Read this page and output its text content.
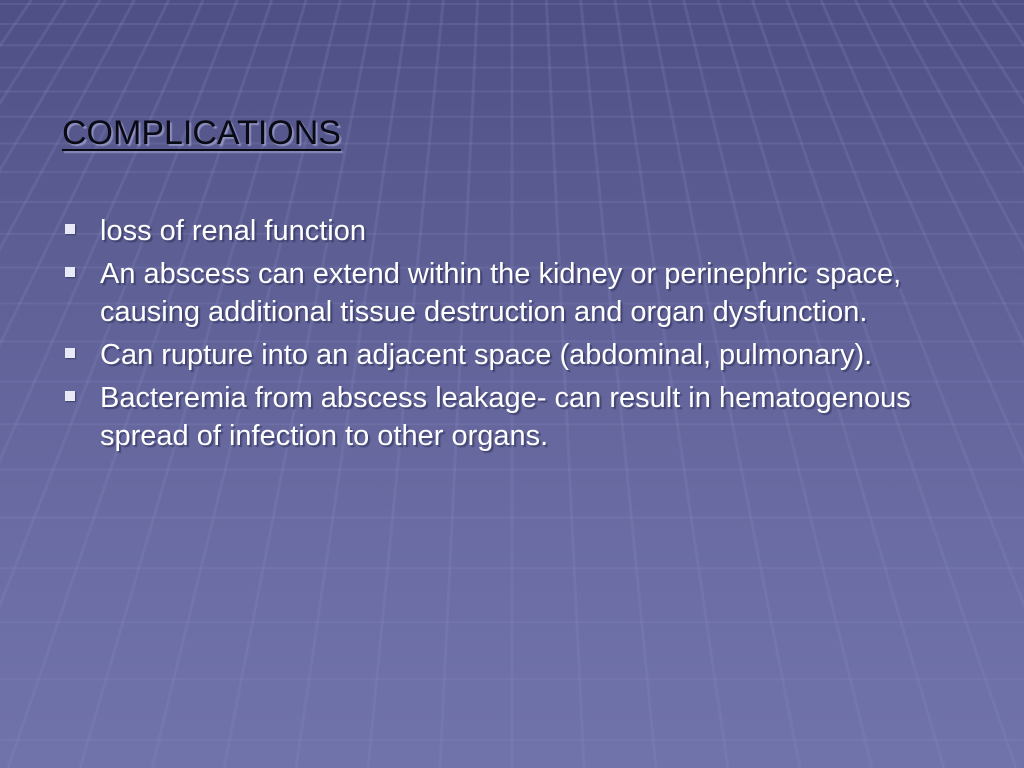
COMPLICATIONS
loss of renal function
An abscess can extend within the kidney or perinephric space, causing additional tissue destruction and organ dysfunction.
Can rupture into an adjacent space (abdominal, pulmonary).
Bacteremia from abscess leakage- can result in hematogenous spread of infection to other organs.
